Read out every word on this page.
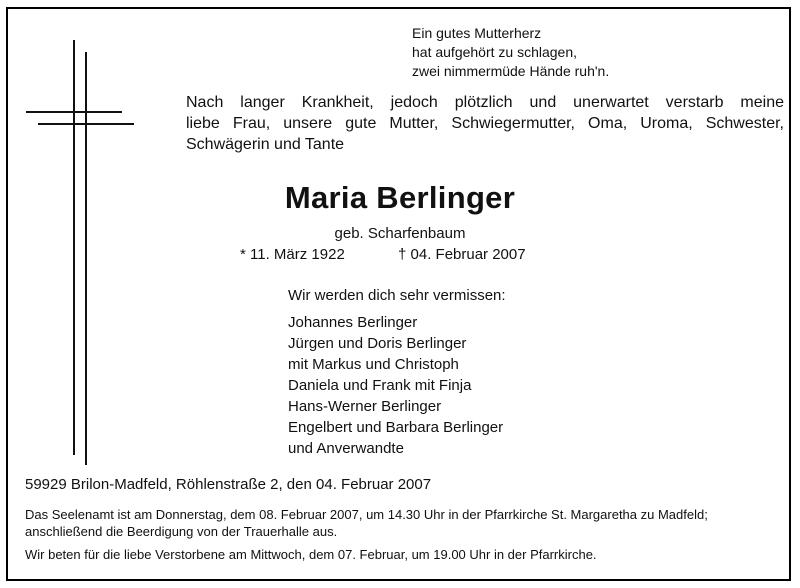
Ein gutes Mutterherz
hat aufgehört zu schlagen,
zwei nimmermüde Hände ruh'n.
Nach langer Krankheit, jedoch plötzlich und unerwartet verstarb meine
liebe Frau, unsere gute Mutter, Schwiegermutter, Oma, Uroma, Schwester,
Schwägerin und Tante
Maria Berlinger
geb. Scharfenbaum
* 11. März 1922	† 04. Februar 2007
Wir werden dich sehr vermissen:
Johannes Berlinger
Jürgen und Doris Berlinger
mit Markus und Christoph
Daniela und Frank mit Finja
Hans-Werner Berlinger
Engelbert und Barbara Berlinger
und Anverwandte
59929 Brilon-Madfeld, Röhlenstraße 2, den 04. Februar 2007
Das Seelenamt ist am Donnerstag, dem 08. Februar 2007, um 14.30 Uhr in der Pfarrkirche St. Margaretha zu Madfeld; anschließend die Beerdigung von der Trauerhalle aus.
Wir beten für die liebe Verstorbene am Mittwoch, dem 07. Februar, um 19.00 Uhr in der Pfarrkirche.
